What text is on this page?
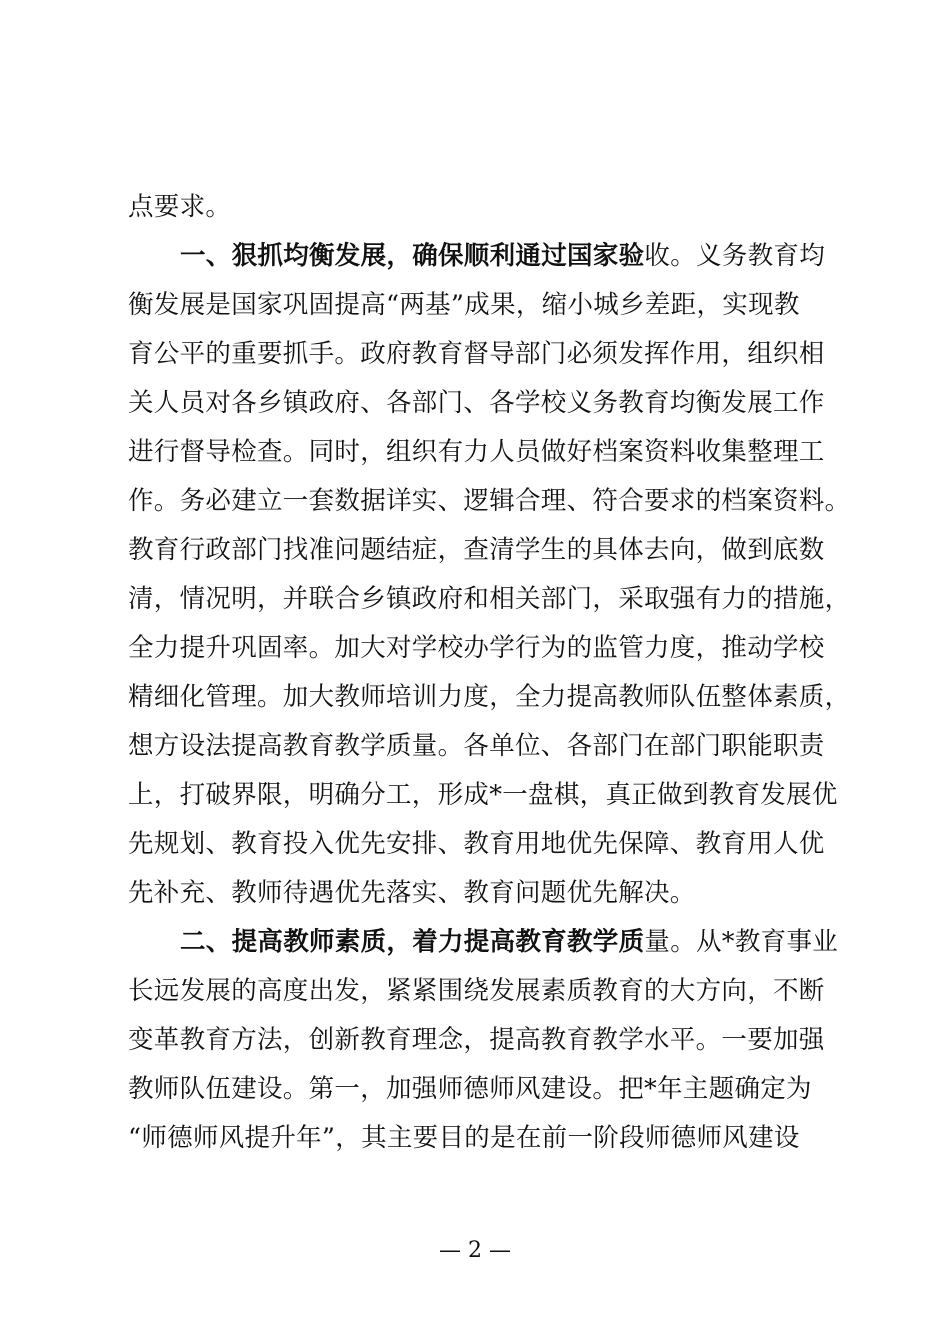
点要求。
一、狠抓均衡发展，确保顺利通过国家验收。义务教育均
衡发展是国家巩固提高“两基”成果，缩小城乡差距，实现教
育公平的重要抓手。政府教育督导部门必须发挥作用，组织相
关人员对各乡镇政府、各部门、各学校义务教育均衡发展工作
进行督导检查。同时，组织有力人员做好档案资料收集整理工
作。务必建立一套数据详实、逻辑合理、符合要求的档案资料。
教育行政部门找准问题结症，查清学生的具体去向，做到底数
清，情况明，并联合乡镇政府和相关部门，采取强有力的措施，
全力提升巩固率。加大对学校办学行为的监管力度，推动学校
精细化管理。加大教师培训力度，全力提高教师队伍整体素质，
想方设法提高教育教学质量。各单位、各部门在部门职能职责
上，打破界限，明确分工，形成*一盘棋，真正做到教育发展优
先规划、教育投入优先安排、教育用地优先保障、教育用人优
先补充、教师待遇优先落实、教育问题优先解决。
二、提高教师素质，着力提高教育教学质量。从*教育事业
长远发展的高度出发，紧紧围绕发展素质教育的大方向，不断
变革教育方法，创新教育理念，提高教育教学水平。一要加强
教师队伍建设。第一，加强师德师风建设。把*年主题确定为
“师德师风提升年”，其主要目的是在前一阶段师德师风建设
— 2 —
